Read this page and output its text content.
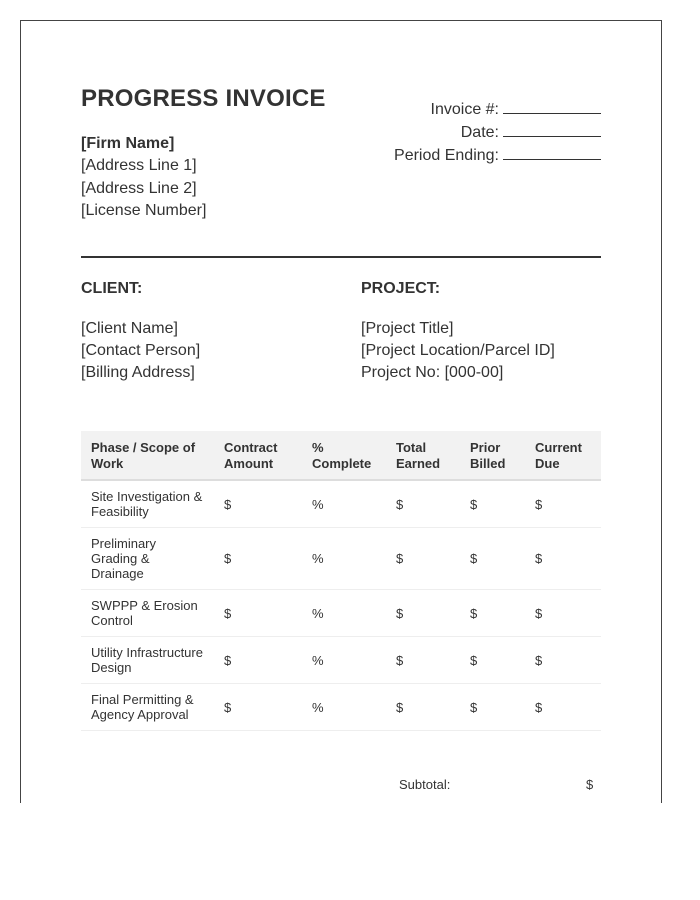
PROGRESS INVOICE
[Firm Name]
[Address Line 1]
[Address Line 2]
[License Number]
Invoice #:
Date:
Period Ending:
CLIENT:
[Client Name]
[Contact Person]
[Billing Address]
PROJECT:
[Project Title]
[Project Location/Parcel ID]
Project No: [000-00]
Phase / Scope of Work	Contract Amount	% Complete	Total Earned	Prior Billed	Current Due
Site Investigation & Feasibility	$	%	$	$	$
Preliminary Grading & Drainage	$	%	$	$	$
SWPPP & Erosion Control	$	%	$	$	$
Utility Infrastructure Design	$	%	$	$	$
Final Permitting & Agency Approval	$	%	$	$	$
Subtotal:	$
